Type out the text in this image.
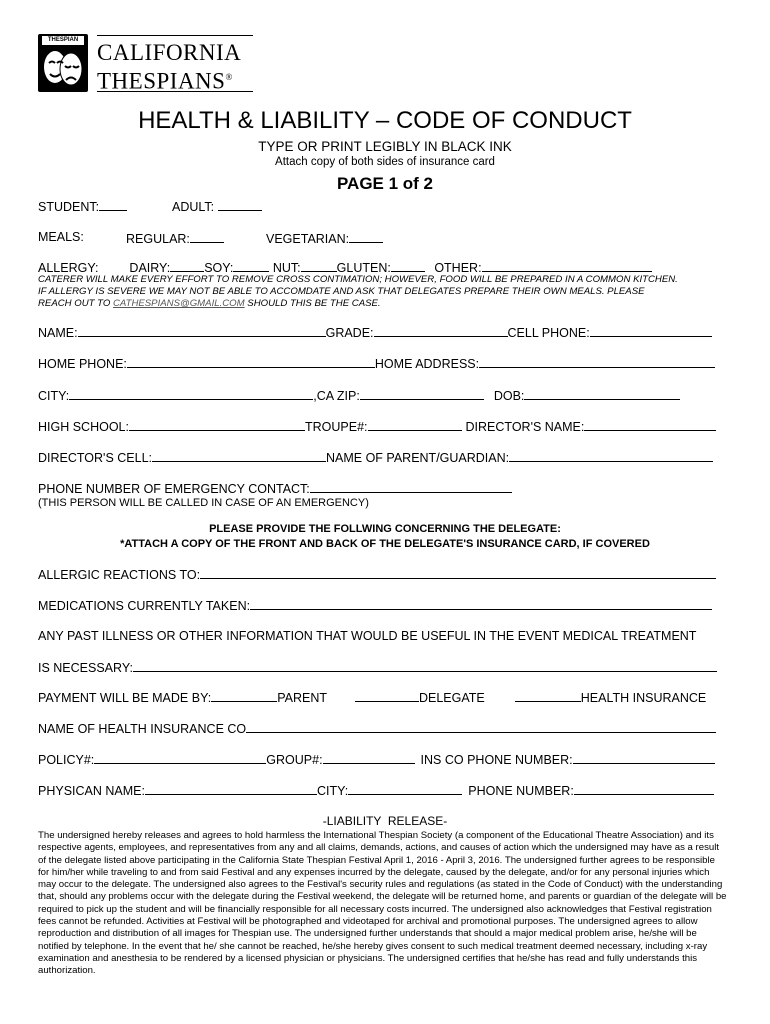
THESPIAN CALIFORNIA
THESPIANS®
HEALTH & LIABILITY – CODE OF CONDUCT
TYPE OR PRINT LEGIBLY IN BLACK INK
Attach copy of both sides of insurance card
PAGE 1 of 2
STUDENT:	ADULT:
MEALS:	REGULAR:	VEGETARIAN:
ALLERGY: DAIRY:	SOY:	NUT:	GLUTEN:	OTHER:
CATERER WILL MAKE EVERY EFFORT TO REMOVE CROSS CONTIMATION; HOWEVER, FOOD WILL BE PREPARED IN A COMMON KITCHEN.
IF ALLERGY IS SEVERE WE MAY NOT BE ABLE TO ACCOMDATE AND ASK THAT DELEGATES PREPARE THEIR OWN MEALS. PLEASE
REACH OUT TO CATHESPIANS@GMAIL.COM SHOULD THIS BE THE CASE.
NAME:	GRADE:	CELL PHONE:
HOME PHONE:	HOME ADDRESS:
CITY:	,CA ZIP:	DOB:
HIGH SCHOOL:	TROUPE#:	DIRECTOR'S NAME:
DIRECTOR'S CELL:	NAME OF PARENT/GUARDIAN:
PHONE NUMBER OF EMERGENCY CONTACT:
(THIS PERSON WILL BE CALLED IN CASE OF AN EMERGENCY)
PLEASE PROVIDE THE FOLLWING CONCERNING THE DELEGATE:
*ATTACH A COPY OF THE FRONT AND BACK OF THE DELEGATE'S INSURANCE CARD, IF COVERED
ALLERGIC REACTIONS TO:
MEDICATIONS CURRENTLY TAKEN:
ANY PAST ILLNESS OR OTHER INFORMATION THAT WOULD BE USEFUL IN THE EVENT MEDICAL TREATMENT
IS NECESSARY:
PAYMENT WILL BE MADE BY:	PARENT	DELEGATE	HEALTH INSURANCE
NAME OF HEALTH INSURANCE CO
POLICY#:	GROUP#:	INS CO PHONE NUMBER:
PHYSICAN NAME:	CITY:	PHONE NUMBER:
-LIABILITY  RELEASE-
The undersigned hereby releases and agrees to hold harmless the International Thespian Society (a component of the Educational Theatre Association) and its respective agents, employees, and representatives from any and all claims, demands, actions, and causes of action which the undersigned may have as a result of the delegate listed above participating in the California State Thespian Festival April 1, 2016 - April 3, 2016. The undersigned further agrees to be responsible for him/her while traveling to and from said Festival and any expenses incurred by the delegate, caused by the delegate, and/or for any personal injuries which may occur to the delegate. The undersigned also agrees to the Festival's security rules and regulations (as stated in the Code of Conduct) with the understanding that, should any problems occur with the delegate during the Festival weekend, the delegate will be returned home, and parents or guardian of the delegate will be required to pick up the student and will be financially responsible for all necessary costs incurred. The undersigned also acknowledges that Festival registration fees cannot be refunded. Activities at Festival will be photographed and videotaped for archival and promotional purposes. The undersigned agrees to allow reproduction and distribution of all images for Thespian use. The undersigned further understands that should a major medical problem arise, he/she will be notified by telephone. In the event that he/ she cannot be reached, he/she hereby gives consent to such medical treatment deemed necessary, including x-ray examination and anesthesia to be rendered by a licensed physician or physicians. The undersigned certifies that he/she has read and fully understands this authorization.
